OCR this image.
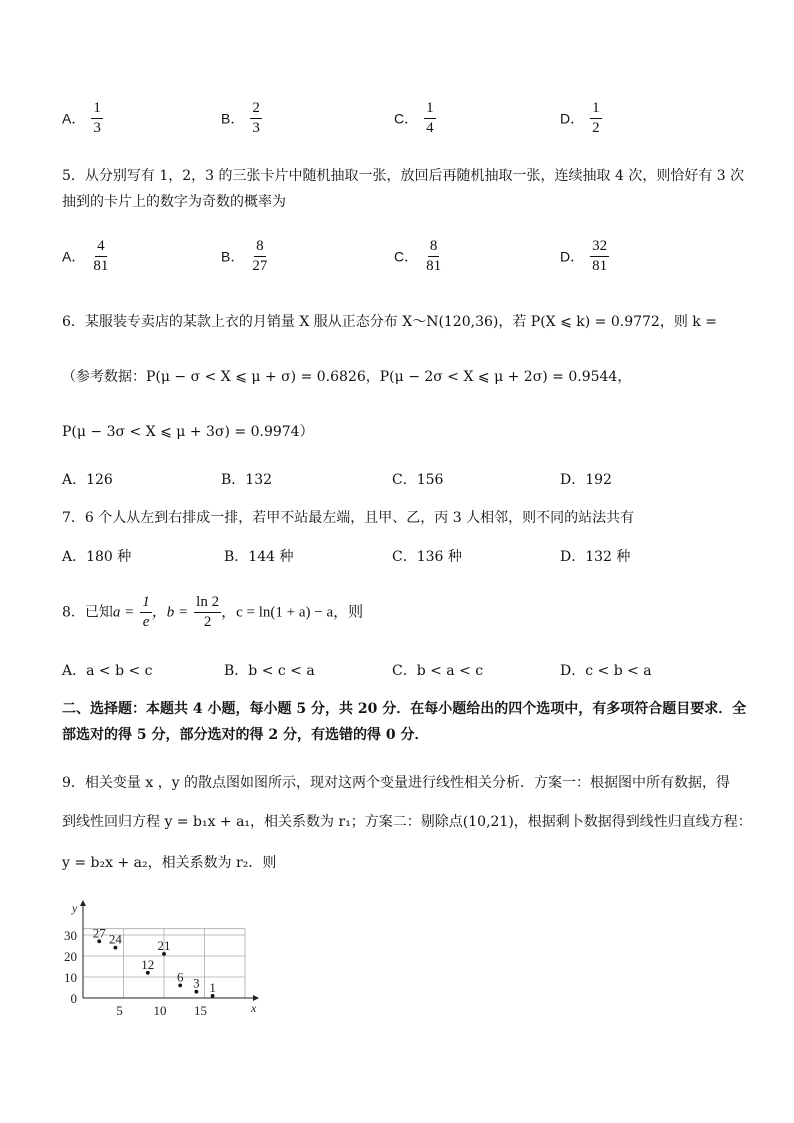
A． $\frac{1}{3}$	B． $\frac{2}{3}$	C． $\frac{1}{4}$	D． $\frac{1}{2}$
5．从分别写有 1，2，3 的三张卡片中随机抽取一张，放回后再随机抽取一张，连续抽取 4 次，则恰好有 3 次
抽到的卡片上的数字为奇数的概率为
A． $\frac{4}{81}$	B． $\frac{8}{27}$	C． $\frac{8}{81}$	D． $\frac{32}{81}$
6．某服装专卖店的某款上衣的月销量 X 服从正态分布 X～N(120,36)，若 P(X ⩽ k) = 0.9772，则 k =
（参考数据：P(μ − σ < X ⩽ μ + σ) = 0.6826，P(μ − 2σ < X ⩽ μ + 2σ) = 0.9544，
P(μ − 3σ < X ⩽ μ + 3σ) = 0.9974）
A．126	B．132	C．156	D．192
7．6 个人从左到右排成一排，若甲不站最左端，且甲、乙，丙 3 人相邻，则不同的站法共有
A．180 种	B．144 种	C．136 种	D．132 种
8．已知$a = \frac{1}{e}$ ，$b = \frac{\ln 2}{2}$ ，c = ln(1 + a) − a，则
A．a < b < c	B．b < c < a	C．b < a < c	D．c < b < a
二、选择题：本题共 4 小题，每小题 5 分，共 20 分．在每小题给出的四个选项中，有多项符合题目要求．全
部选对的得 5 分，部分选对的得 2 分，有选错的得 0 分．
9．相关变量 x ，y 的散点图如图所示，现对这两个变量进行线性相关分析．方案一：根据图中所有数据，得
到线性回归方程 y = b₁x + a₁，相关系数为 r₁；方案二：剔除点(10,21)，根据剩卜数据得到线性归直线方程：
y = b₂x + a₂，相关系数为 r₂．则
y
x
0
10
20
30
5 10 15
27 24
12
21
6 3 1
